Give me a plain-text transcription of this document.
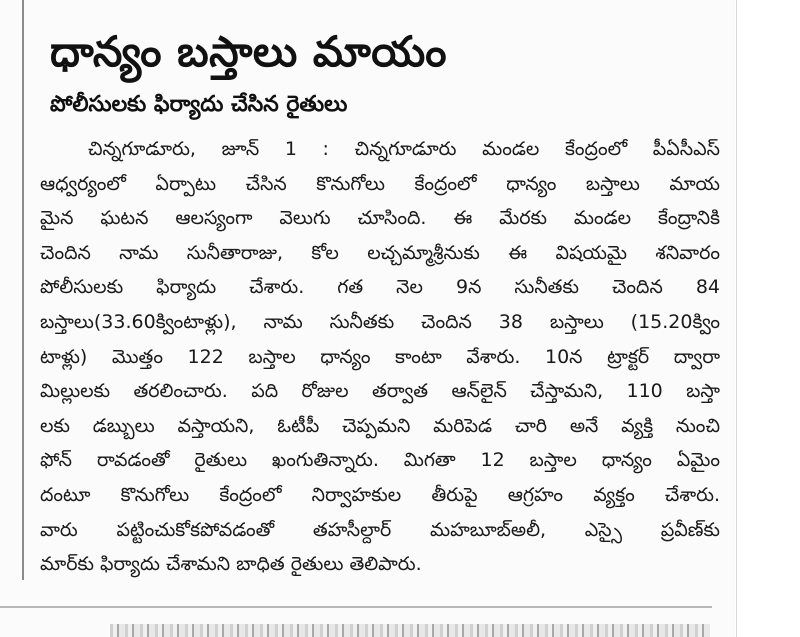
ధాన్యం బస్తాలు మాయం
పోలీసులకు ఫిర్యాదు చేసిన రైతులు
చిన్నగూడూరు, జూన్ 1 : చిన్నగూడూరు మండల కేంద్రంలో పీఏసీఎస్
ఆధ్వర్యంలో ఏర్పాటు చేసిన కొనుగోలు కేంద్రంలో ధాన్యం బస్తాలు మాయ
మైన ఘటన ఆలస్యంగా వెలుగు చూసింది. ఈ మేరకు మండల కేంద్రానికి
చెందిన నామ సునీతారాజు, కోల లచ్చమ్మాశ్రీనుకు ఈ విషయమై శనివారం
పోలీసులకు ఫిర్యాదు చేశారు. గత నెల 9న సునీతకు చెందిన 84
బస్తాలు(33.60క్వింటాళ్లు), నామ సునీతకు చెందిన 38 బస్తాలు (15.20క్విం
టాళ్లు) మొత్తం 122 బస్తాల ధాన్యం కాంటా వేశారు. 10న ట్రాక్టర్ ద్వారా
మిల్లులకు తరలించారు. పది రోజుల తర్వాత ఆన్‌లైన్ చేస్తామని, 110 బస్తా
లకు డబ్బులు వస్తాయని, ఓటీపీ చెప్పమని మరిపెడ చారి అనే వ్యక్తి నుంచి
ఫోన్ రావడంతో రైతులు ఖంగుతిన్నారు. మిగతా 12 బస్తాల ధాన్యం ఏమైం
దంటూ కొనుగోలు కేంద్రంలో నిర్వాహకుల తీరుపై ఆగ్రహం వ్యక్తం చేశారు.
వారు పట్టించుకోకపోవడంతో తహసీల్దార్ మహబూబ్అలీ, ఎస్సై ప్రవీణ్‌కు
మార్‌కు ఫిర్యాదు చేశామని బాధిత రైతులు తెలిపారు.
